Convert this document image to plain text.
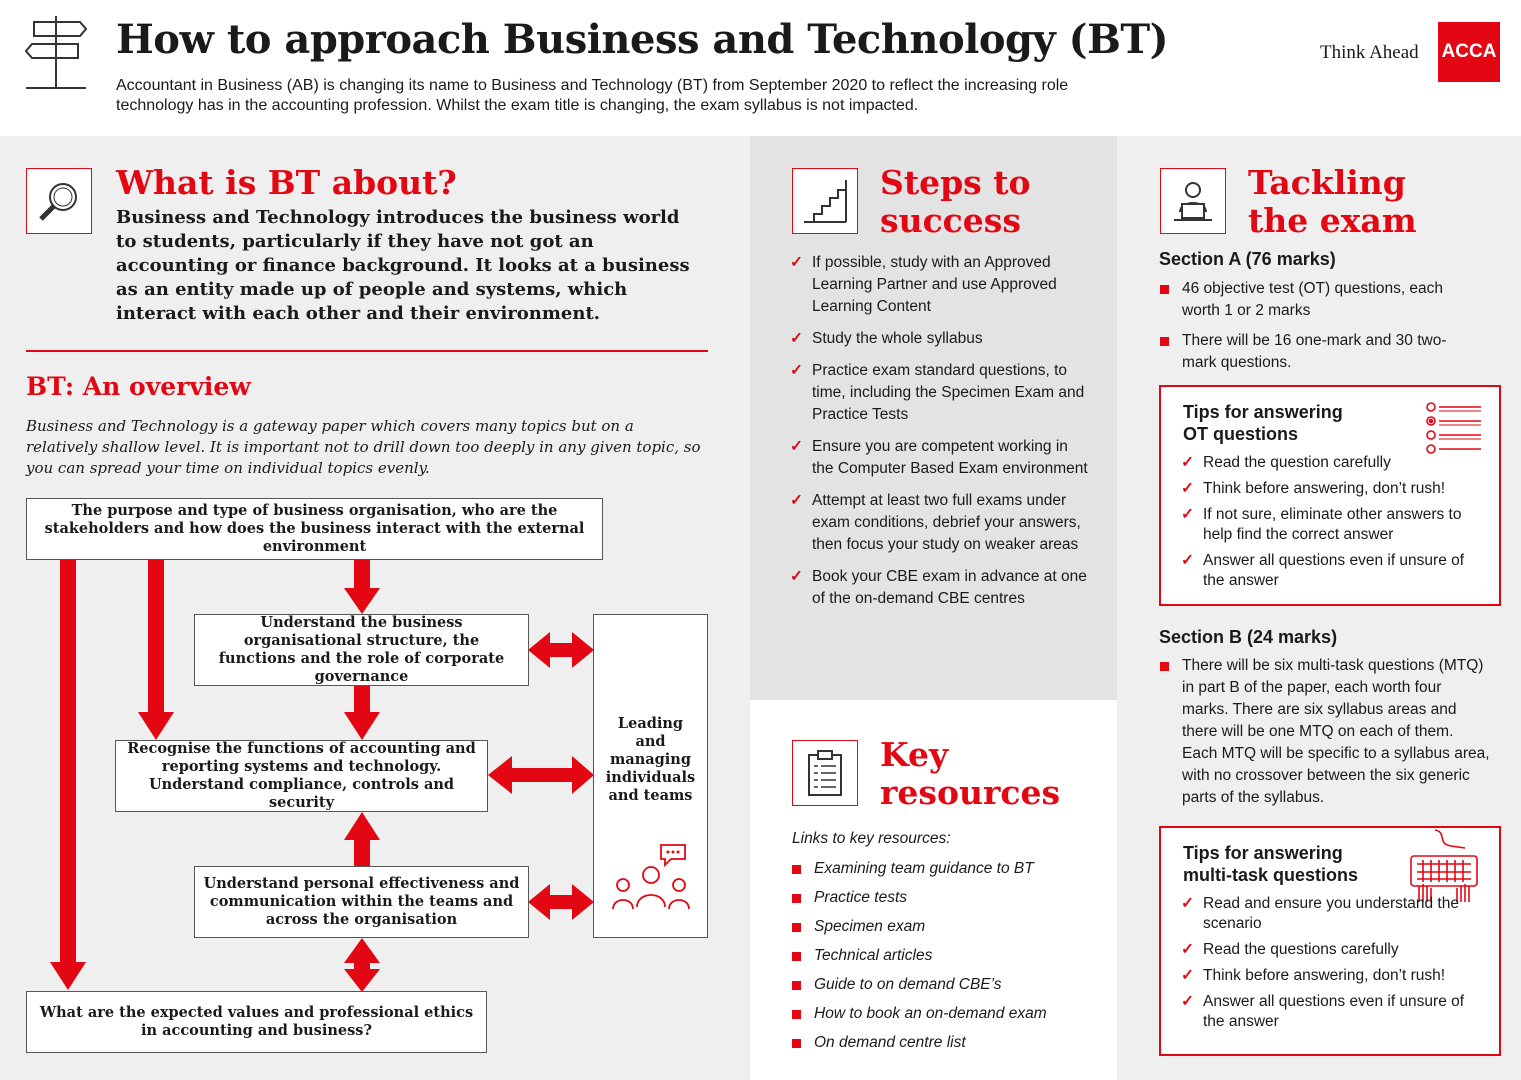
How to approach Business and Technology (BT)
Accountant in Business (AB) is changing its name to Business and Technology (BT) from September 2020 to reflect the increasing role technology has in the accounting profession. Whilst the exam title is changing, the exam syllabus is not impacted.
Think Ahead ACCA
What is BT about?
Business and Technology introduces the business world to students, particularly if they have not got an accounting or finance background. It looks at a business as an entity made up of people and systems, which interact with each other and their environment.
BT: An overview
Business and Technology is a gateway paper which covers many topics but on a relatively shallow level. It is important not to drill down too deeply in any given topic, so you can spread your time on individual topics evenly.
The purpose and type of business organisation, who are the stakeholders and how does the business interact with the external environment
Understand the business organisational structure, the functions and the role of corporate governance
Recognise the functions of accounting and reporting systems and technology. Understand compliance, controls and security
Understand personal effectiveness and communication within the teams and across the organisation
What are the expected values and professional ethics in accounting and business?
Leading and managing individuals and teams
Steps to
success
✓ If possible, study with an Approved Learning Partner and use Approved Learning Content
✓ Study the whole syllabus
✓ Practice exam standard questions, to time, including the Specimen Exam and Practice Tests
✓ Ensure you are competent working in the Computer Based Exam environment
✓ Attempt at least two full exams under exam conditions, debrief your answers, then focus your study on weaker areas
✓ Book your CBE exam in advance at one of the on-demand CBE centres
Key
resources
Links to key resources:
Examining team guidance to BT
Practice tests
Specimen exam
Technical articles
Guide to on demand CBE’s
How to book an on-demand exam
On demand centre list
Tackling
the exam
Section A (76 marks)
46 objective test (OT) questions, each worth 1 or 2 marks
There will be 16 one-mark and 30 two-mark questions.
Tips for answering
OT questions
✓ Read the question carefully
✓ Think before answering, don’t rush!
✓ If not sure, eliminate other answers to help find the correct answer
✓ Answer all questions even if unsure of the answer
Section B (24 marks)
There will be six multi-task questions (MTQ) in part B of the paper, each worth four marks. There are six syllabus areas and there will be one MTQ on each of them. Each MTQ will be specific to a syllabus area, with no crossover between the six generic parts of the syllabus.
Tips for answering
multi-task questions
✓ Read and ensure you understand the scenario
✓ Read the questions carefully
✓ Think before answering, don’t rush!
✓ Answer all questions even if unsure of the answer
